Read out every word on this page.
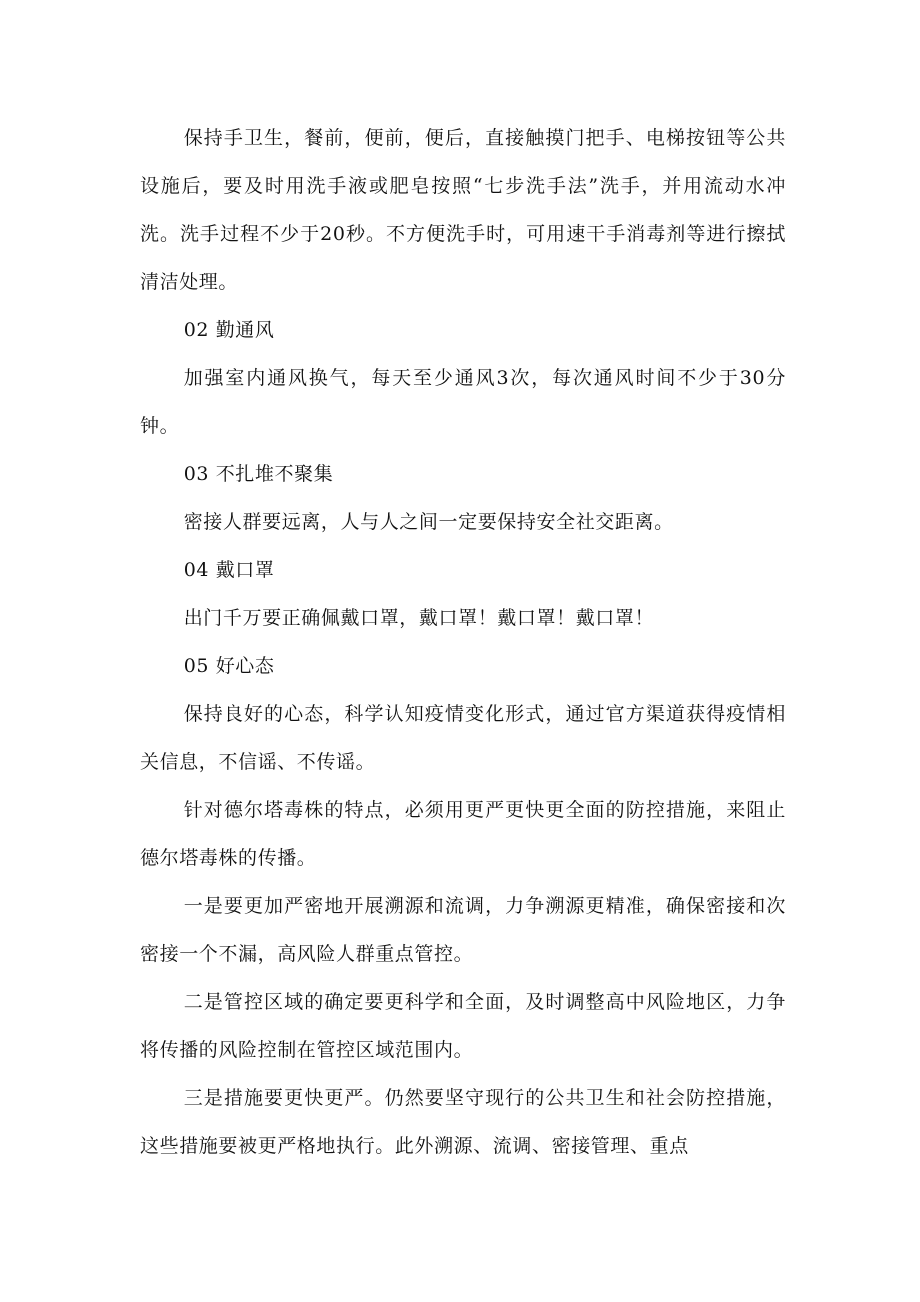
保持手卫生，餐前，便前，便后，直接触摸门把手、电梯按钮等公共设施后，要及时用洗手液或肥皂按照“七步洗手法”洗手，并用流动水冲洗。洗手过程不少于20秒。不方便洗手时，可用速干手消毒剂等进行擦拭清洁处理。

02 勤通风

加强室内通风换气，每天至少通风3次，每次通风时间不少于30分钟。

03 不扎堆不聚集

密接人群要远离，人与人之间一定要保持安全社交距离。

04 戴口罩

出门千万要正确佩戴口罩，戴口罩！戴口罩！戴口罩！

05 好心态

保持良好的心态，科学认知疫情变化形式，通过官方渠道获得疫情相关信息，不信谣、不传谣。

针对德尔塔毒株的特点，必须用更严更快更全面的防控措施，来阻止德尔塔毒株的传播。

一是要更加严密地开展溯源和流调，力争溯源更精准，确保密接和次密接一个不漏，高风险人群重点管控。

二是管控区域的确定要更科学和全面，及时调整高中风险地区，力争将传播的风险控制在管控区域范围内。

三是措施要更快更严。仍然要坚守现行的公共卫生和社会防控措施，这些措施要被更严格地执行。此外溯源、流调、密接管理、重点
